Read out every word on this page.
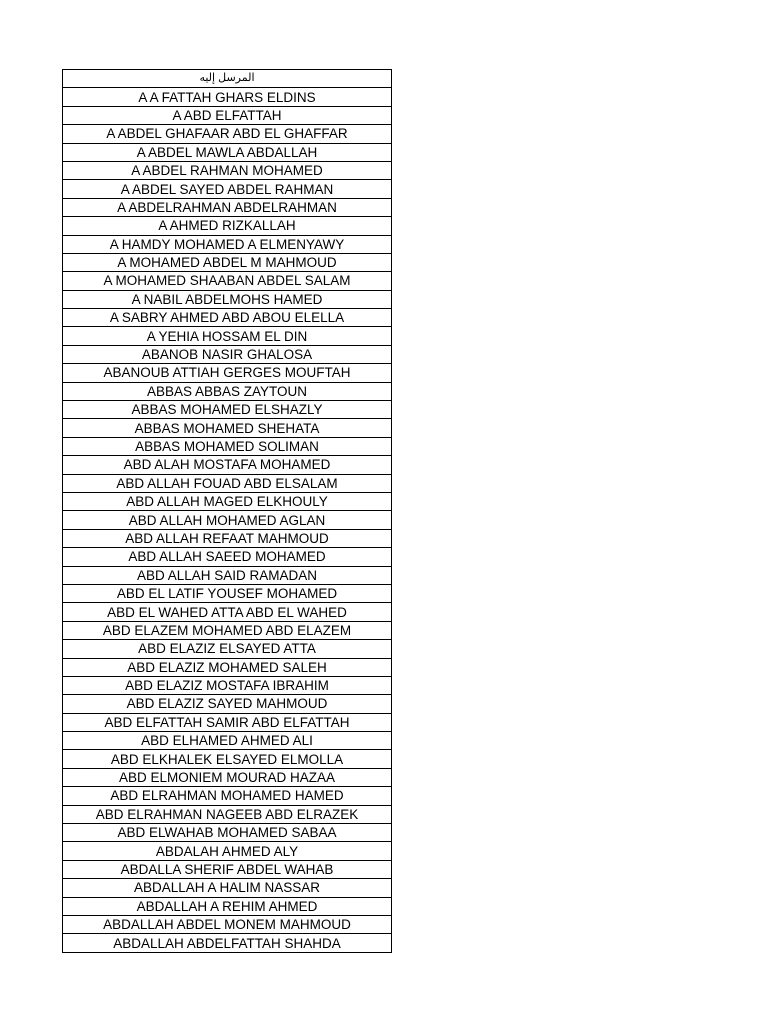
المرسل إليه
A A FATTAH GHARS ELDINS
A ABD ELFATTAH
A ABDEL GHAFAAR ABD EL GHAFFAR
A ABDEL MAWLA ABDALLAH
A ABDEL RAHMAN MOHAMED
A ABDEL SAYED ABDEL RAHMAN
A ABDELRAHMAN ABDELRAHMAN
A AHMED RIZKALLAH
A HAMDY MOHAMED A ELMENYAWY
A MOHAMED ABDEL M MAHMOUD
A MOHAMED SHAABAN ABDEL SALAM
A NABIL ABDELMOHS HAMED
A SABRY AHMED ABD ABOU ELELLA
A YEHIA HOSSAM EL DIN
ABANOB NASIR GHALOSA
ABANOUB ATTIAH GERGES MOUFTAH
ABBAS ABBAS ZAYTOUN
ABBAS MOHAMED ELSHAZLY
ABBAS MOHAMED SHEHATA
ABBAS MOHAMED SOLIMAN
ABD ALAH MOSTAFA MOHAMED
ABD ALLAH FOUAD ABD ELSALAM
ABD ALLAH MAGED ELKHOULY
ABD ALLAH MOHAMED AGLAN
ABD ALLAH REFAAT MAHMOUD
ABD ALLAH SAEED MOHAMED
ABD ALLAH SAID RAMADAN
ABD EL LATIF YOUSEF MOHAMED
ABD EL WAHED ATTA ABD EL WAHED
ABD ELAZEM MOHAMED ABD ELAZEM
ABD ELAZIZ ELSAYED ATTA
ABD ELAZIZ MOHAMED SALEH
ABD ELAZIZ MOSTAFA IBRAHIM
ABD ELAZIZ SAYED MAHMOUD
ABD ELFATTAH SAMIR ABD ELFATTAH
ABD ELHAMED AHMED ALI
ABD ELKHALEK ELSAYED ELMOLLA
ABD ELMONIEM MOURAD HAZAA
ABD ELRAHMAN MOHAMED HAMED
ABD ELRAHMAN NAGEEB ABD ELRAZEK
ABD ELWAHAB MOHAMED SABAA
ABDALAH AHMED ALY
ABDALLA SHERIF ABDEL WAHAB
ABDALLAH A HALIM NASSAR
ABDALLAH A REHIM AHMED
ABDALLAH ABDEL MONEM MAHMOUD
ABDALLAH ABDELFATTAH SHAHDA
